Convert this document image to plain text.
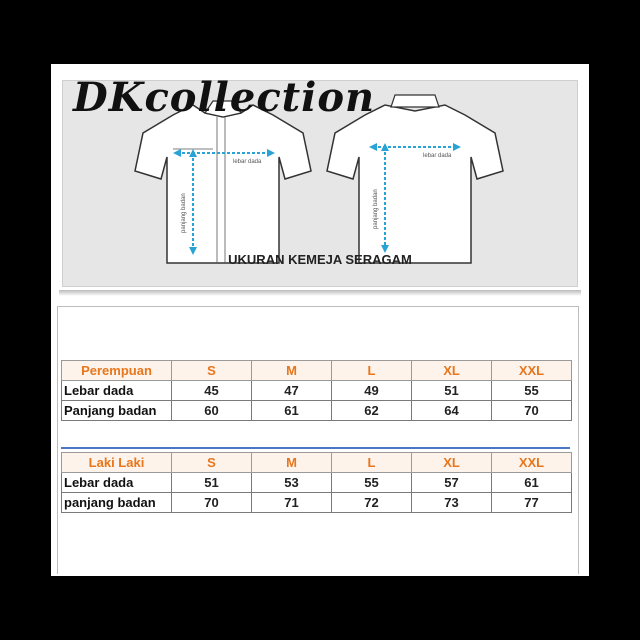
lebar dada
panjang badan
lebar dada
panjang badan
DKcollection
UKURAN KEMEJA SERAGAM
Perempuan	S	M	L	XL	XXL
Lebar dada	45	47	49	51	55
Panjang badan	60	61	62	64	70
Laki Laki	S	M	L	XL	XXL
Lebar dada	51	53	55	57	61
panjang badan	70	71	72	73	77
